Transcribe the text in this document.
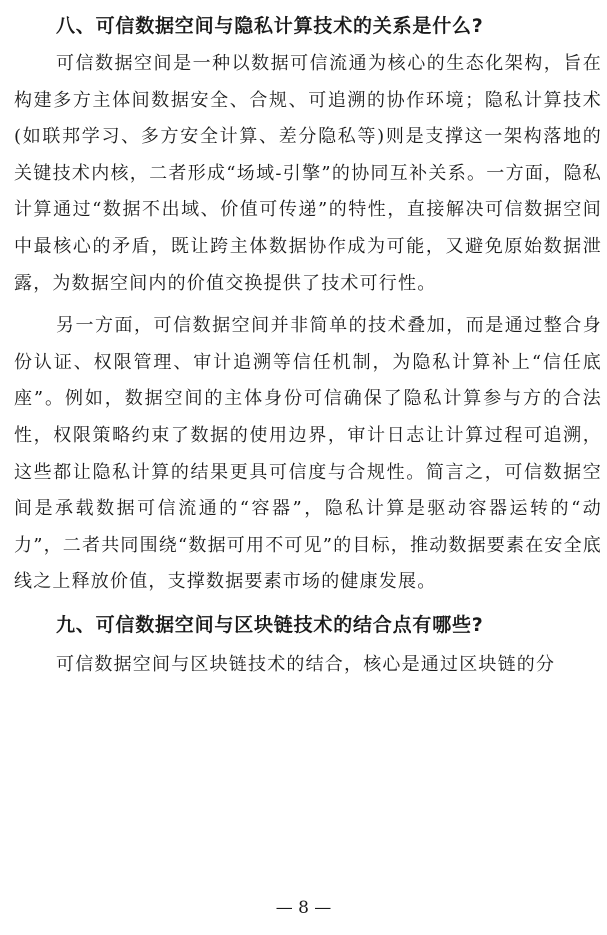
八、可信数据空间与隐私计算技术的关系是什么?

可信数据空间是一种以数据可信流通为核心的生态化架构，旨在构建多方主体间数据安全、合规、可追溯的协作环境；隐私计算技术(如联邦学习、多方安全计算、差分隐私等)则是支撑这一架构落地的关键技术内核，二者形成“场域-引擎”的协同互补关系。一方面，隐私计算通过“数据不出域、价值可传递”的特性，直接解决可信数据空间中最核心的矛盾，既让跨主体数据协作成为可能，又避免原始数据泄露，为数据空间内的价值交换提供了技术可行性。

另一方面，可信数据空间并非简单的技术叠加，而是通过整合身份认证、权限管理、审计追溯等信任机制，为隐私计算补上“信任底座”。例如，数据空间的主体身份可信确保了隐私计算参与方的合法性，权限策略约束了数据的使用边界，审计日志让计算过程可追溯，这些都让隐私计算的结果更具可信度与合规性。简言之，可信数据空间是承载数据可信流通的“容器”，隐私计算是驱动容器运转的“动力”，二者共同围绕“数据可用不可见”的目标，推动数据要素在安全底线之上释放价值，支撑数据要素市场的健康发展。

九、可信数据空间与区块链技术的结合点有哪些?

可信数据空间与区块链技术的结合，核心是通过区块链的分

— 8 —
